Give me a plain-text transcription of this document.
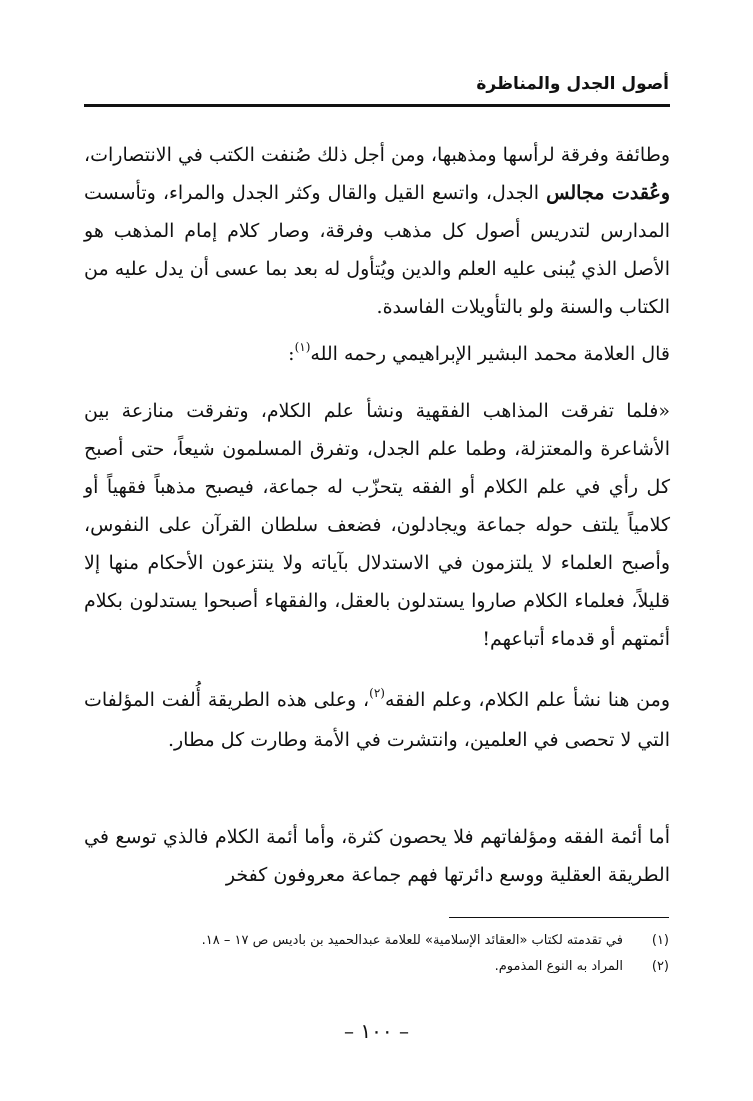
أصول الجدل والمناظرة

وطائفة وفرقة لرأسها ومذهبها، ومن أجل ذلك صُنفت الكتب في الانتصارات، وعُقدت مجالس الجدل، واتسع القيل والقال وكثر الجدل والمراء، وتأسست المدارس لتدريس أصول كل مذهب وفرقة، وصار كلام إمام المذهب هو الأصل الذي يُبنى عليه العلم والدين ويُتأول له بعد بما عسى أن يدل عليه من الكتاب والسنة ولو بالتأويلات الفاسدة.

قال العلامة محمد البشير الإبراهيمي رحمه الله$^{(١)}$:

«فلما تفرقت المذاهب الفقهية ونشأ علم الكلام، وتفرقت منازعة بين الأشاعرة والمعتزلة، وطما علم الجدل، وتفرق المسلمون شيعاً، حتى أصبح كل رأي في علم الكلام أو الفقه يتحزّب له جماعة، فيصبح مذهباً فقهياً أو كلامياً يلتف حوله جماعة ويجادلون، فضعف سلطان القرآن على النفوس، وأصبح العلماء لا يلتزمون في الاستدلال بآياته ولا ينتزعون الأحكام منها إلا قليلاً، فعلماء الكلام صاروا يستدلون بالعقل، والفقهاء أصبحوا يستدلون بكلام أئمتهم أو قدماء أتباعهم!

ومن هنا نشأ علم الكلام، وعلم الفقه$^{(٢)}$، وعلى هذه الطريقة أُلفت المؤلفات التي لا تحصى في العلمين، وانتشرت في الأمة وطارت كل مطار.

أما أئمة الفقه ومؤلفاتهم فلا يحصون كثرة، وأما أئمة الكلام فالذي توسع في الطريقة العقلية ووسع دائرتها فهم جماعة معروفون كفخر

(١)في تقدمته لكتاب «العقائد الإسلامية» للعلامة عبدالحميد بن باديس ص ١٧ – ١٨.
(٢)المراد به النوع المذموم.
– ١٠٠ –
